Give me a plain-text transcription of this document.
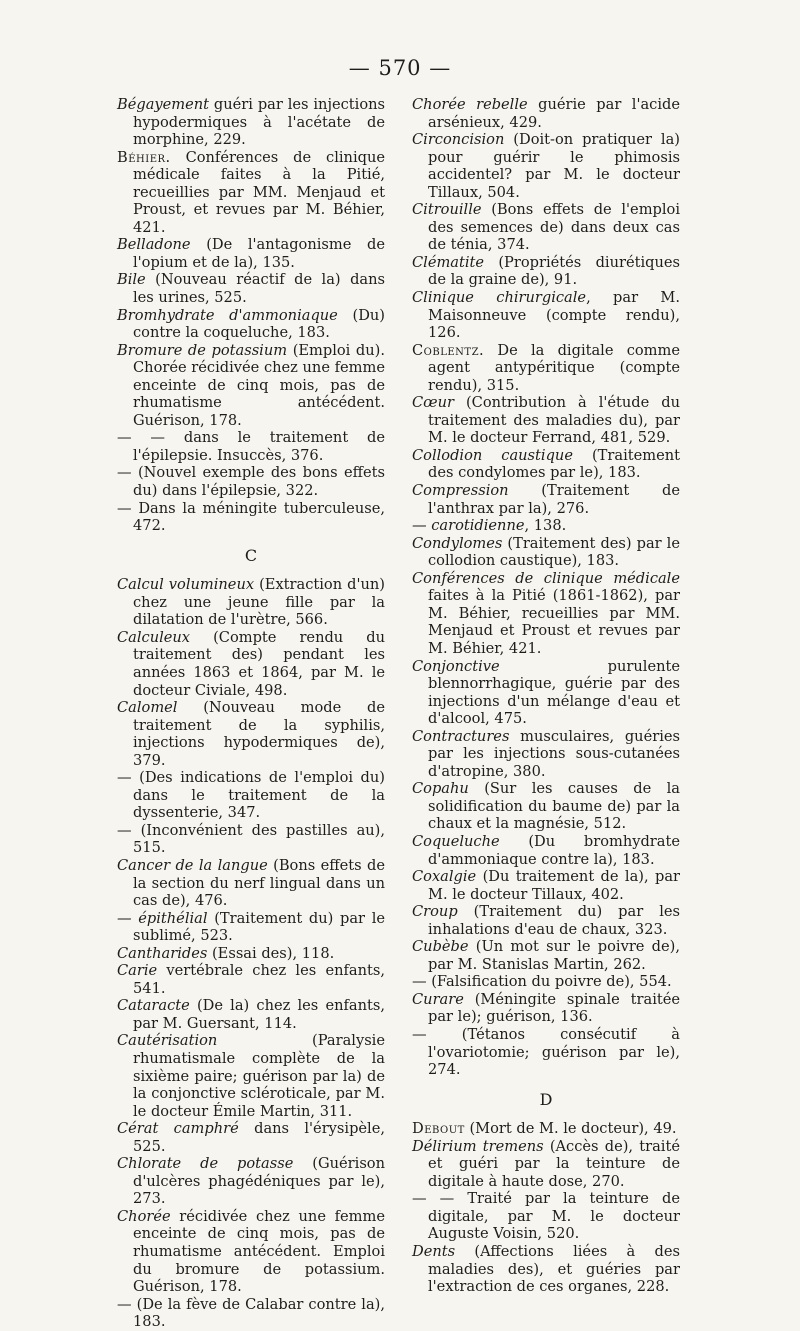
— 570 —

Bégayement guéri par les injections hypodermiques à l'acétate de morphine, 229.

Béhier. Conférences de clinique médicale faites à la Pitié, recueillies par MM. Menjaud et Proust, et revues par M. Béhier, 421.

Belladone (De l'antagonisme de l'opium et de la), 135.

Bile (Nouveau réactif de la) dans les urines, 525.

Bromhydrate d'ammoniaque (Du) contre la coqueluche, 183.

Bromure de potassium (Emploi du). Chorée récidivée chez une femme enceinte de cinq mois, pas de rhumatisme antécédent. Guérison, 178.

— — dans le traitement de l'épilepsie. Insuccès, 376.

— (Nouvel exemple des bons effets du) dans l'épilepsie, 322.

— Dans la méningite tuberculeuse, 472.

C

Calcul volumineux (Extraction d'un) chez une jeune fille par la dilatation de l'urètre, 566.

Calculeux (Compte rendu du traitement des) pendant les années 1863 et 1864, par M. le docteur Civiale, 498.

Calomel (Nouveau mode de traitement de la syphilis, injections hypodermiques de), 379.

— (Des indications de l'emploi du) dans le traitement de la dyssenterie, 347.

— (Inconvénient des pastilles au), 515.

Cancer de la langue (Bons effets de la section du nerf lingual dans un cas de), 476.

— épithélial (Traitement du) par le sublimé, 523.

Cantharides (Essai des), 118.

Carie vertébrale chez les enfants, 541.

Cataracte (De la) chez les enfants, par M. Guersant, 114.

Cautérisation (Paralysie rhumatismale complète de la sixième paire; guérison par la) de la conjonctive scléroticale, par M. le docteur Émile Martin, 311.

Cérat camphré dans l'érysipèle, 525.

Chlorate de potasse (Guérison d'ulcères phagédéniques par le), 273.

Chorée récidivée chez une femme enceinte de cinq mois, pas de rhumatisme antécédent. Emploi du bromure de potassium. Guérison, 178.

— (De la fève de Calabar contre la), 183.

Chorée rebelle guérie par l'acide arsénieux, 429.

Circoncision (Doit-on pratiquer la) pour guérir le phimosis accidentel? par M. le docteur Tillaux, 504.

Citrouille (Bons effets de l'emploi des semences de) dans deux cas de ténia, 374.

Clématite (Propriétés diurétiques de la graine de), 91.

Clinique chirurgicale, par M. Maisonneuve (compte rendu), 126.

Coblentz. De la digitale comme agent antypéritique (compte rendu), 315.

Cœur (Contribution à l'étude du traitement des maladies du), par M. le docteur Ferrand, 481, 529.

Collodion caustique (Traitement des condylomes par le), 183.

Compression (Traitement de l'anthrax par la), 276.

— carotidienne, 138.

Condylomes (Traitement des) par le collodion caustique), 183.

Conférences de clinique médicale faites à la Pitié (1861-1862), par M. Béhier, recueillies par MM. Menjaud et Proust et revues par M. Béhier, 421.

Conjonctive purulente blennorrhagique, guérie par des injections d'un mélange d'eau et d'alcool, 475.

Contractures musculaires, guéries par les injections sous-cutanées d'atropine, 380.

Copahu (Sur les causes de la solidification du baume de) par la chaux et la magnésie, 512.

Coqueluche (Du bromhydrate d'ammoniaque contre la), 183.

Coxalgie (Du traitement de la), par M. le docteur Tillaux, 402.

Croup (Traitement du) par les inhalations d'eau de chaux, 323.

Cubèbe (Un mot sur le poivre de), par M. Stanislas Martin, 262.

— (Falsification du poivre de), 554.

Curare (Méningite spinale traitée par le); guérison, 136.

— (Tétanos consécutif à l'ovariotomie; guérison par le), 274.

D

Debout (Mort de M. le docteur), 49.

Délirium tremens (Accès de), traité et guéri par la teinture de digitale à haute dose, 270.

— — Traité par la teinture de digitale, par M. le docteur Auguste Voisin, 520.

Dents (Affections liées à des maladies des), et guéries par l'extraction de ces organes, 228.
